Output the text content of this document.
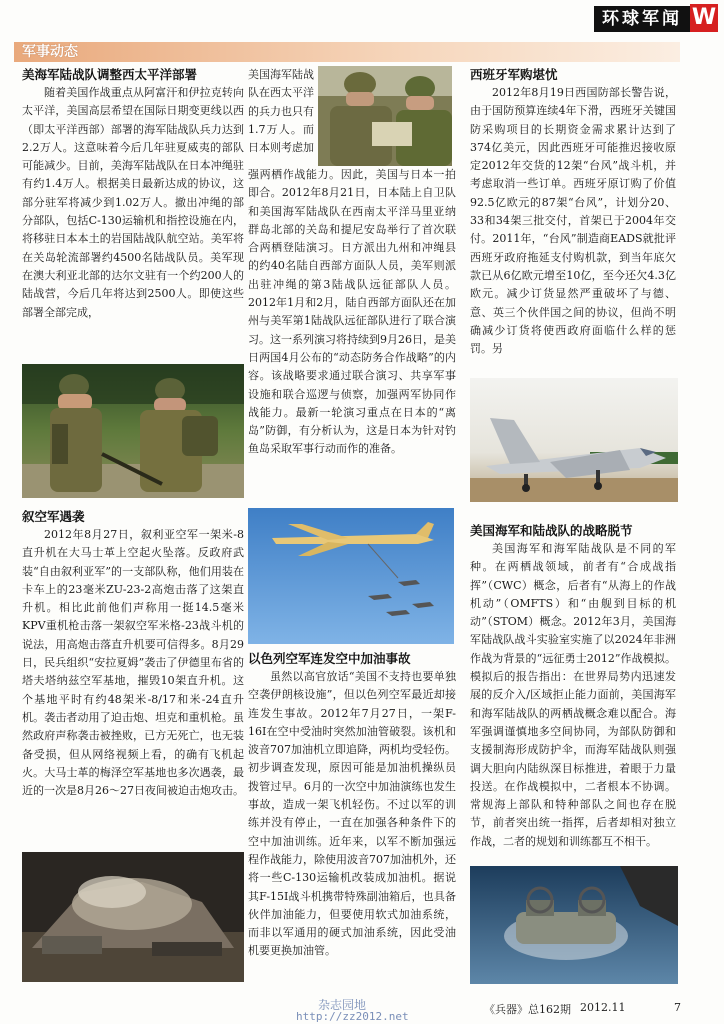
环球军闻 W
军事动态
美海军陆战队调整西太平洋部署

随着美国作战重点从阿富汗和伊拉克转向太平洋，美国高层希望在国际日期变更线以西（即太平洋西部）部署的海军陆战队兵力达到2.2万人。这意味着今后几年驻夏威夷的部队可能减少。目前，美海军陆战队在日本冲绳驻有约1.4万人。根据美日最新达成的协议，这部分驻军将减少到1.02万人。撤出冲绳的部分部队，包括C-130运输机和指控设施在内，将移驻日本本土的岩国陆战队航空站。美军将在关岛轮流部署约4500名陆战队员。美军现在澳大利亚北部的达尔文驻有一个约200人的陆战营，今后几年将达到2500人。即使这些部署全部完成，

美国海军陆战队在西太平洋的兵力也只有1.7万人。而日本则考虑加

强两栖作战能力。因此，美国与日本一拍即合。2012年8月21日，日本陆上自卫队和美国海军陆战队在西南太平洋马里亚纳群岛北部的关岛和提尼安岛举行了首次联合两栖登陆演习。日方派出九州和冲绳县的约40名陆自西部方面队人员，美军则派出驻冲绳的第3陆战队远征部队人员。2012年1月和2月，陆自西部方面队还在加州与美军第1陆战队远征部队进行了联合演习。这一系列演习将持续到9月26日，是美日两国4月公布的“动态防务合作战略”的内容。该战略要求通过联合演习、共享军事设施和联合巡逻与侦察，加强两军协同作战能力。最新一轮演习重点在日本的“离岛”防御，有分析认为，这是日本为针对钓鱼岛采取军事行动而作的准备。

西班牙军购堪忧

2012年8月19日西国防部长警告说，由于国防预算连续4年下滑，西班牙关键国防采购项目的长期资金需求累计达到了374亿美元，因此西班牙可能推迟接收原定2012年交货的12架“台风”战斗机，并考虑取消一些订单。西班牙原订购了价值92.5亿欧元的87架“台风”，计划分20、33和34架三批交付，首架已于2004年交付。2011年，“台风”制造商EADS就批评西班牙政府拖延支付购机款，到当年底欠款已从6亿欧元增至10亿，至今还欠4.3亿欧元。减少订货显然严重破坏了与德、意、英三个伙伴国之间的协议，但尚不明确减少订货将使西政府面临什么样的惩罚。另

叙空军遇袭

2012年8月27日，叙利亚空军一架米-8直升机在大马士革上空起火坠落。反政府武装“自由叙利亚军”的一支部队称，他们用装在卡车上的23毫米ZU-23-2高炮击落了这架直升机。相比此前他们声称用一挺14.5毫米KPV重机枪击落一架叙空军米格-23战斗机的说法，用高炮击落直升机要可信得多。8月29日，民兵组织“安拉夏姆”袭击了伊德里布省的塔夫塔纳兹空军基地，摧毁10架直升机。这个基地平时有约48架米-8/17和米-24直升机。袭击者动用了迫击炮、坦克和重机枪。虽然政府声称袭击被挫败，已方无死亡，也无装备受损，但从网络视频上看，的确有飞机起火。大马士革的梅泽空军基地也多次遇袭，最近的一次是8月26～27日夜间被迫击炮攻击。

以色列空军连发空中加油事故

虽然以高官放话“美国不支持也要单独空袭伊朗核设施”，但以色列空军最近却接连发生事故。2012年7月27日，一架F-16I在空中受油时突然加油管破裂。该机和波音707加油机立即追降，两机均受轻伤。初步调查发现，原因可能是加油机操纵员拨管过早。6月的一次空中加油演练也发生事故，造成一架飞机轻伤。不过以军的训练并没有停止，一直在加强各种条件下的空中加油训练。近年来，以军不断加强远程作战能力，除使用波音707加油机外，还将一些C-130运输机改装成加油机。据说其F-15I战斗机携带特殊副油箱后，也具备伙伴加油能力，但要使用软式加油系统，而非以军通用的硬式加油系统，因此受油机要更换加油管。

美国海军和陆战队的战略脱节

美国海军和海军陆战队是不同的军种。在两栖战领域，前者有“合成战指挥”（CWC）概念，后者有“从海上的作战机动”（OMFTS）和“由舰到目标的机动”（STOM）概念。2012年3月，美国海军陆战队战斗实验室实施了以2024年非洲作战为背景的“远征勇士2012”作战模拟。模拟后的报告指出：在世界局势内迅速发展的反介入/区域拒止能力面前，美国海军和海军陆战队的两栖战概念难以配合。海军强调谨慎地多空间协同，为部队防御和支援制海形成防护伞，而海军陆战队则强调大胆向内陆纵深目标推进，着眼于力量投送。在作战模拟中，二者根本不协调。常规海上部队和特种部队之间也存在脱节，前者突出统一指挥，后者却相对独立作战，二者的规划和训练都互不相干。

杂志园地
http://zz2012.net
《兵器》总162期 2012.11	7
